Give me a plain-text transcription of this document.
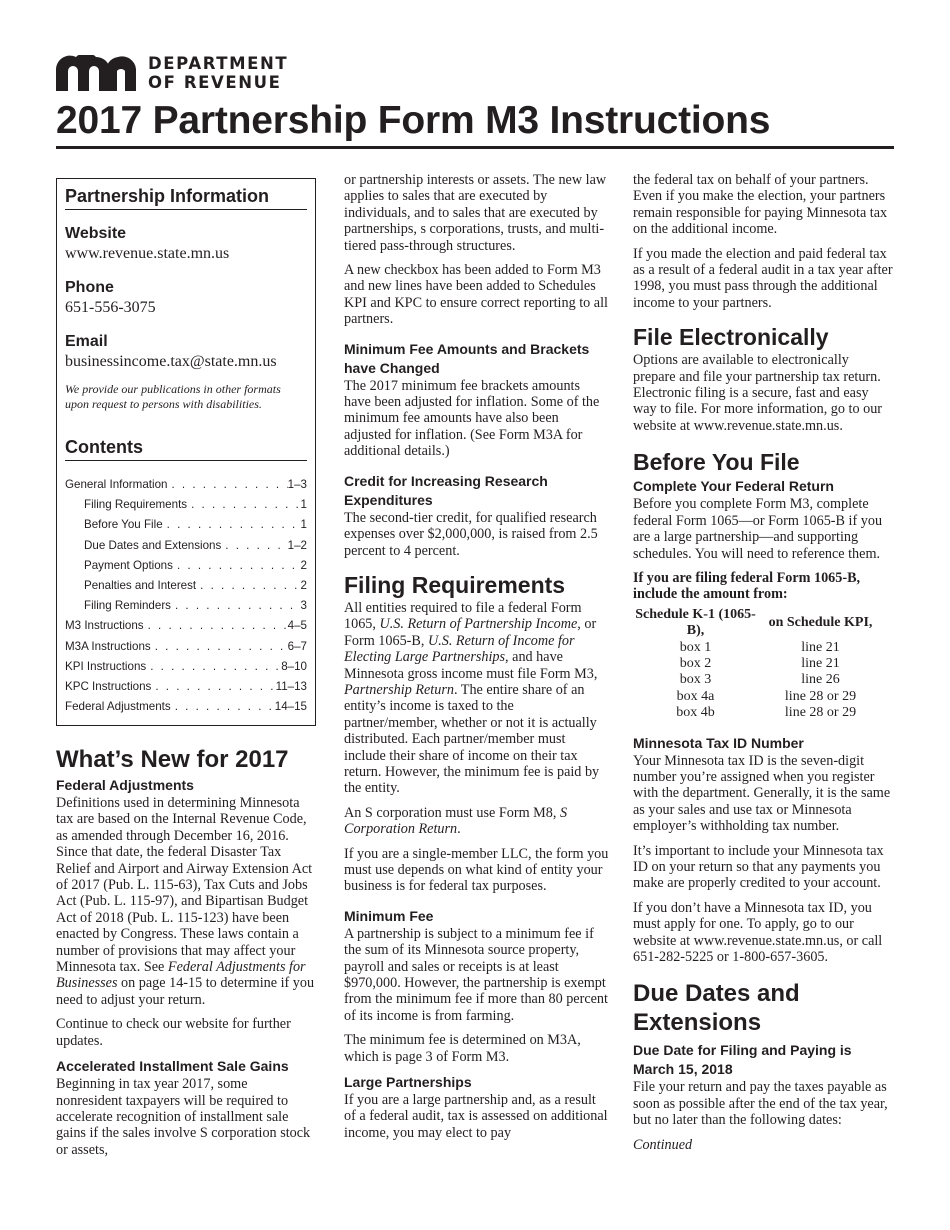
DEPARTMENT
OF REVENUE
2017 Partnership Form M3 Instructions
Partnership Information
Website
www.revenue.state.mn.us
Phone
651-556-3075
Email
businessincome.tax@state.mn.us
We provide our publications in other formats upon request to persons with disabilities.
Contents
General Information . . .	1–3
Filing Requirements . . .	1
Before You File . . .	1
Due Dates and Extensions . . .	1–2
Payment Options . . .	2
Penalties and Interest . . .	2
Filing Reminders . . .	3
M3 Instructions . . .	4–5
M3A Instructions . . .	6–7
KPI Instructions . . .	8–10
KPC Instructions . . .	11–13
Federal Adjustments . . .	14–15
What’s New for 2017
Federal Adjustments

Definitions used in determining Minnesota tax are based on the Internal Revenue Code, as amended through December 16, 2016. Since that date, the federal Disaster Tax Relief and Airport and Airway Extension Act of 2017 (Pub. L. 115-63), Tax Cuts and Jobs Act (Pub. L. 115-97), and Bipartisan Budget Act of 2018 (Pub. L. 115-123) have been enacted by Congress. These laws contain a number of provisions that may affect your Minnesota tax. See Federal Adjustments for Businesses on page 14-15 to determine if you need to adjust your return.

Continue to check our website for further updates.

Accelerated Installment Sale Gains

Beginning in tax year 2017, some nonresident taxpayers will be required to accelerate recognition of installment sale gains if the sales involve S corporation stock or assets,

or partnership interests or assets. The new law applies to sales that are executed by individuals, and to sales that are executed by partnerships, s corporations, trusts, and multi-tiered pass-through structures.

A new checkbox has been added to Form M3 and new lines have been added to Schedules KPI and KPC to ensure correct reporting to all partners.

Minimum Fee Amounts and Brackets have Changed

The 2017 minimum fee brackets amounts have been adjusted for inflation. Some of the minimum fee amounts have also been adjusted for inflation. (See Form M3A for additional details.)

Credit for Increasing Research Expenditures

The second-tier credit, for qualified research expenses over $2,000,000, is raised from 2.5 percent to 4 percent.

Filing Requirements

All entities required to file a federal Form 1065, U.S. Return of Partnership Income, or Form 1065-B, U.S. Return of Income for Electing Large Partnerships, and have Minnesota gross income must file Form M3, Partnership Return. The entire share of an entity’s income is taxed to the partner/member, whether or not it is actually distributed. Each partner/member must include their share of income on their tax return. However, the minimum fee is paid by the entity.

An S corporation must use Form M8, S Corporation Return.

If you are a single-member LLC, the form you must use depends on what kind of entity your business is for federal tax purposes.

Minimum Fee

A partnership is subject to a minimum fee if the sum of its Minnesota source property, payroll and sales or receipts is at least $970,000. However, the partnership is exempt from the minimum fee if more than 80 percent of its income is from farming.

The minimum fee is determined on M3A, which is page 3 of Form M3.

Large Partnerships

If you are a large partnership and, as a result of a federal audit, tax is assessed on additional income, you may elect to pay

the federal tax on behalf of your partners. Even if you make the election, your partners remain responsible for paying Minnesota tax on the additional income.

If you made the election and paid federal tax as a result of a federal audit in a tax year after 1998, you must pass through the additional income to your partners.

File Electronically

Options are available to electronically prepare and file your partnership tax return. Electronic filing is a secure, fast and easy way to file. For more information, go to our website at www.revenue.state.mn.us.

Before You File
Complete Your Federal Return

Before you complete Form M3, complete federal Form 1065—or Form 1065-B if you are a large partnership—and supporting schedules. You will need to reference them.

If you are filing federal Form 1065-B, include the amount from:

Schedule K-1 (1065-B),	on Schedule KPI,
box 1	line 21
box 2	line 21
box 3	line 26
box 4a	line 28 or 29
box 4b	line 28 or 29
Minnesota Tax ID Number

Your Minnesota tax ID is the seven-digit number you’re assigned when you register with the department. Generally, it is the same as your sales and use tax or Minnesota employer’s withholding tax number.

It’s important to include your Minnesota tax ID on your return so that any payments you make are properly credited to your account.

If you don’t have a Minnesota tax ID, you must apply for one. To apply, go to our website at www.revenue.state.mn.us, or call 651-282-5225 or 1-800-657-3605.

Due Dates and Extensions
Due Date for Filing and Paying is March 15, 2018

File your return and pay the taxes payable as soon as possible after the end of the tax year, but no later than the following dates:

Continued
